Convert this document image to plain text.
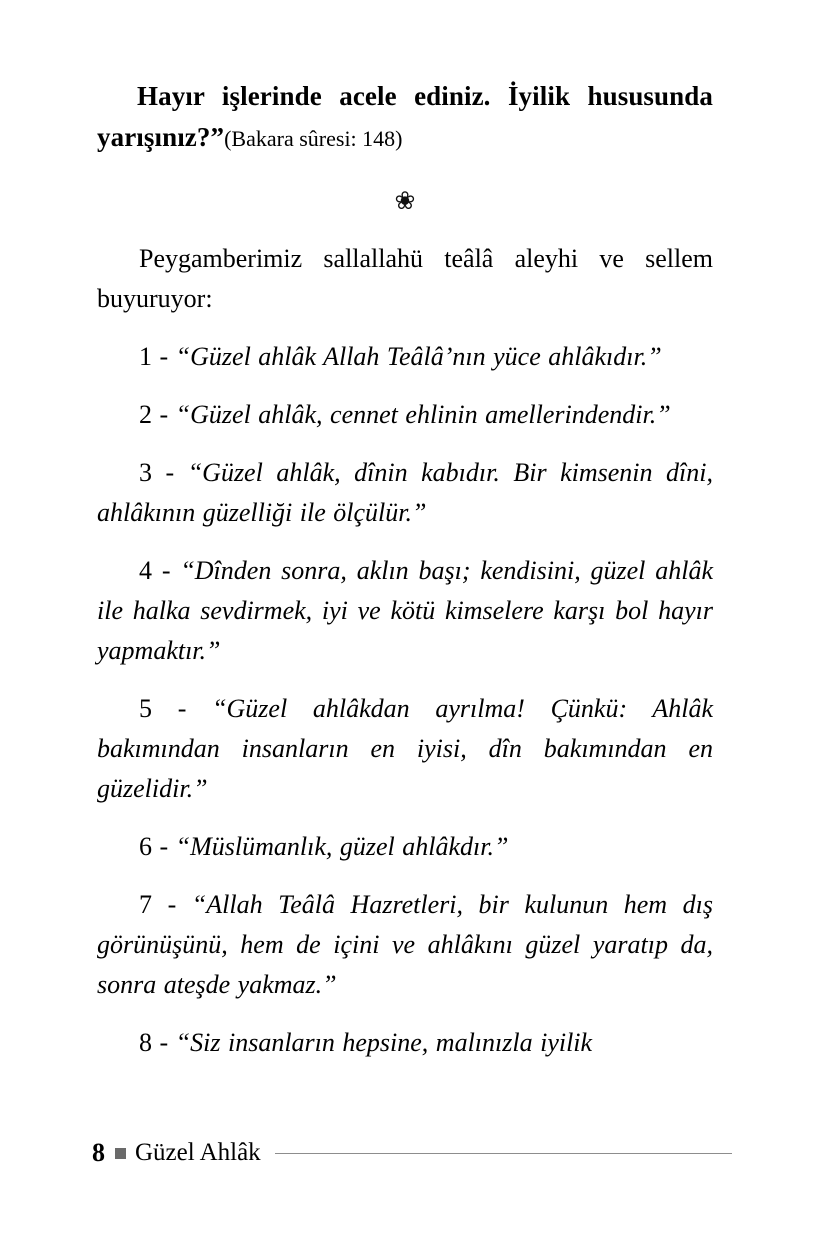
Hayır işlerinde acele ediniz. İyilik hususunda yarışınız?”(Bakara sûresi: 148)

❀

Peygamberimiz sallallahü teâlâ aleyhi ve sellem buyuruyor:

1 - “Güzel ahlâk Allah Teâlâ’nın yüce ahlâkıdır.”

2 - “Güzel ahlâk, cennet ehlinin amellerindendir.”

3 - “Güzel ahlâk, dînin kabıdır. Bir kimsenin dîni, ahlâkının güzelliği ile ölçülür.”

4 - “Dînden sonra, aklın başı; kendisini, güzel ahlâk ile halka sevdirmek, iyi ve kötü kimselere karşı bol hayır yapmaktır.”

5 - “Güzel ahlâkdan ayrılma! Çünkü: Ahlâk bakımından insanların en iyisi, dîn bakımından en güzelidir.”

6 - “Müslümanlık, güzel ahlâkdır.”

7 - “Allah Teâlâ Hazretleri, bir kulunun hem dış görünüşünü, hem de içini ve ahlâkını güzel yaratıp da, sonra ateşde yakmaz.”

8 - “Siz insanların hepsine, malınızla iyilik

8 Güzel Ahlâk
